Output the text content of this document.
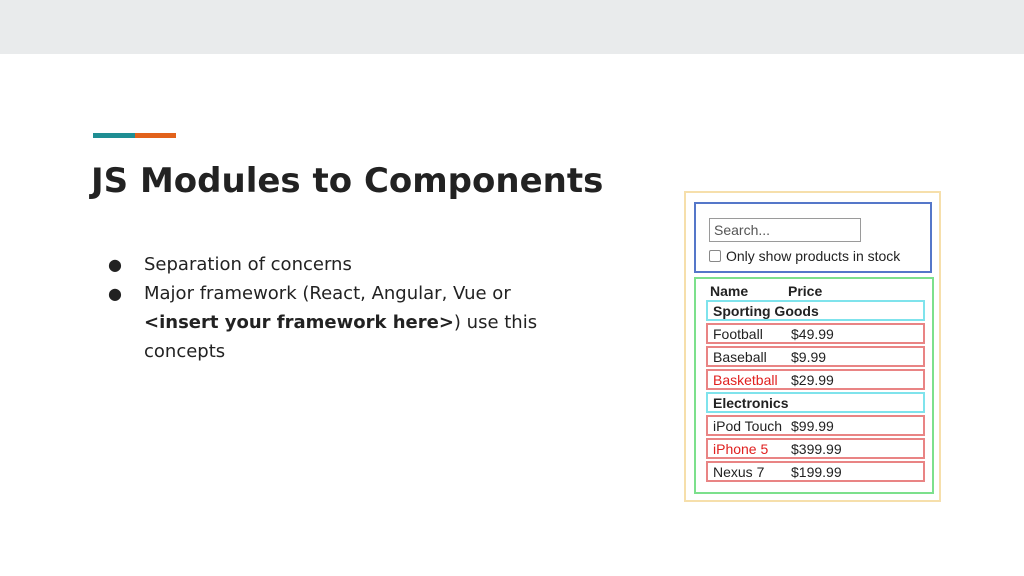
JS Modules to Components
● Separation of concerns
● Major framework (React, Angular, Vue or <insert your framework here>) use this concepts
Search...
Only show products in stock
Name	Price
Sporting Goods
Football $49.99
Baseball $9.99
Basketball $29.99
Electronics
iPod Touch $99.99
iPhone 5 $399.99
Nexus 7 $199.99
